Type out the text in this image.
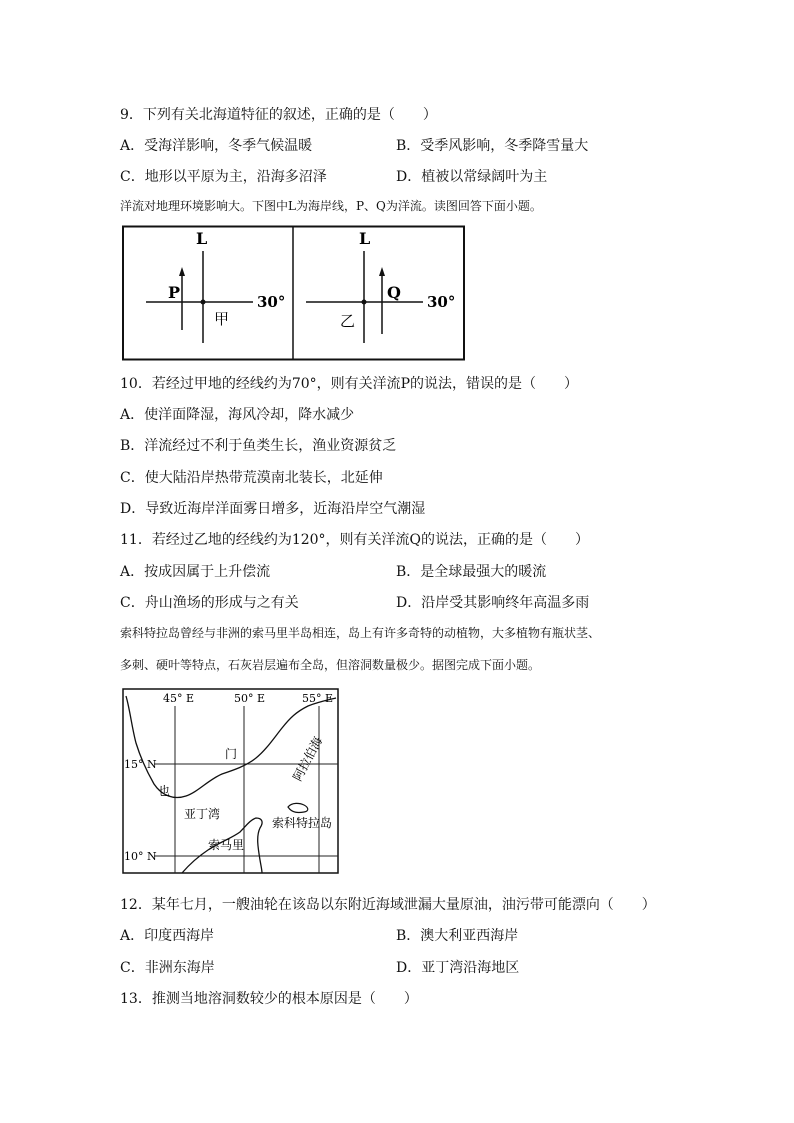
9．下列有关北海道特征的叙述，正确的是（　　）
A．受海洋影响，冬季气候温暖	B．受季风影响，冬季降雪量大
C．地形以平原为主，沿海多沼泽	D．植被以常绿阔叶为主
洋流对地理环境影响大。下图中L为海岸线，P、Q为洋流。读图回答下面小题。
L
P	30°
甲
L
Q 30°
乙
10．若经过甲地的经线约为70°，则有关洋流P的说法，错误的是（　　）
A．使洋面降湿，海风冷却，降水减少
B．洋流经过不利于鱼类生长，渔业资源贫乏
C．使大陆沿岸热带荒漠南北装长，北延伸
D．导致近海岸洋面雾日增多，近海沿岸空气潮湿
11．若经过乙地的经线约为120°，则有关洋流Q的说法，正确的是（　　）
A．按成因属于上升偿流	B．是全球最强大的暖流
C．舟山渔场的形成与之有关	D．沿岸受其影响终年高温多雨
索科特拉岛曾经与非洲的索马里半岛相连，岛上有许多奇特的动植物，大多植物有瓶状茎、
多刺、硬叶等特点，石灰岩层遍布全岛，但溶洞数量极少。据图完成下面小题。
45° E	50° E	55° E
15° N
10° N
门
也
亚丁湾
索科特拉岛
索马里
阿拉伯海
12．某年七月，一艘油轮在该岛以东附近海域泄漏大量原油，油污带可能漂向（　　）
A．印度西海岸	B．澳大利亚西海岸
C．非洲东海岸	D．亚丁湾沿海地区
13．推测当地溶洞数较少的根本原因是（　　）
